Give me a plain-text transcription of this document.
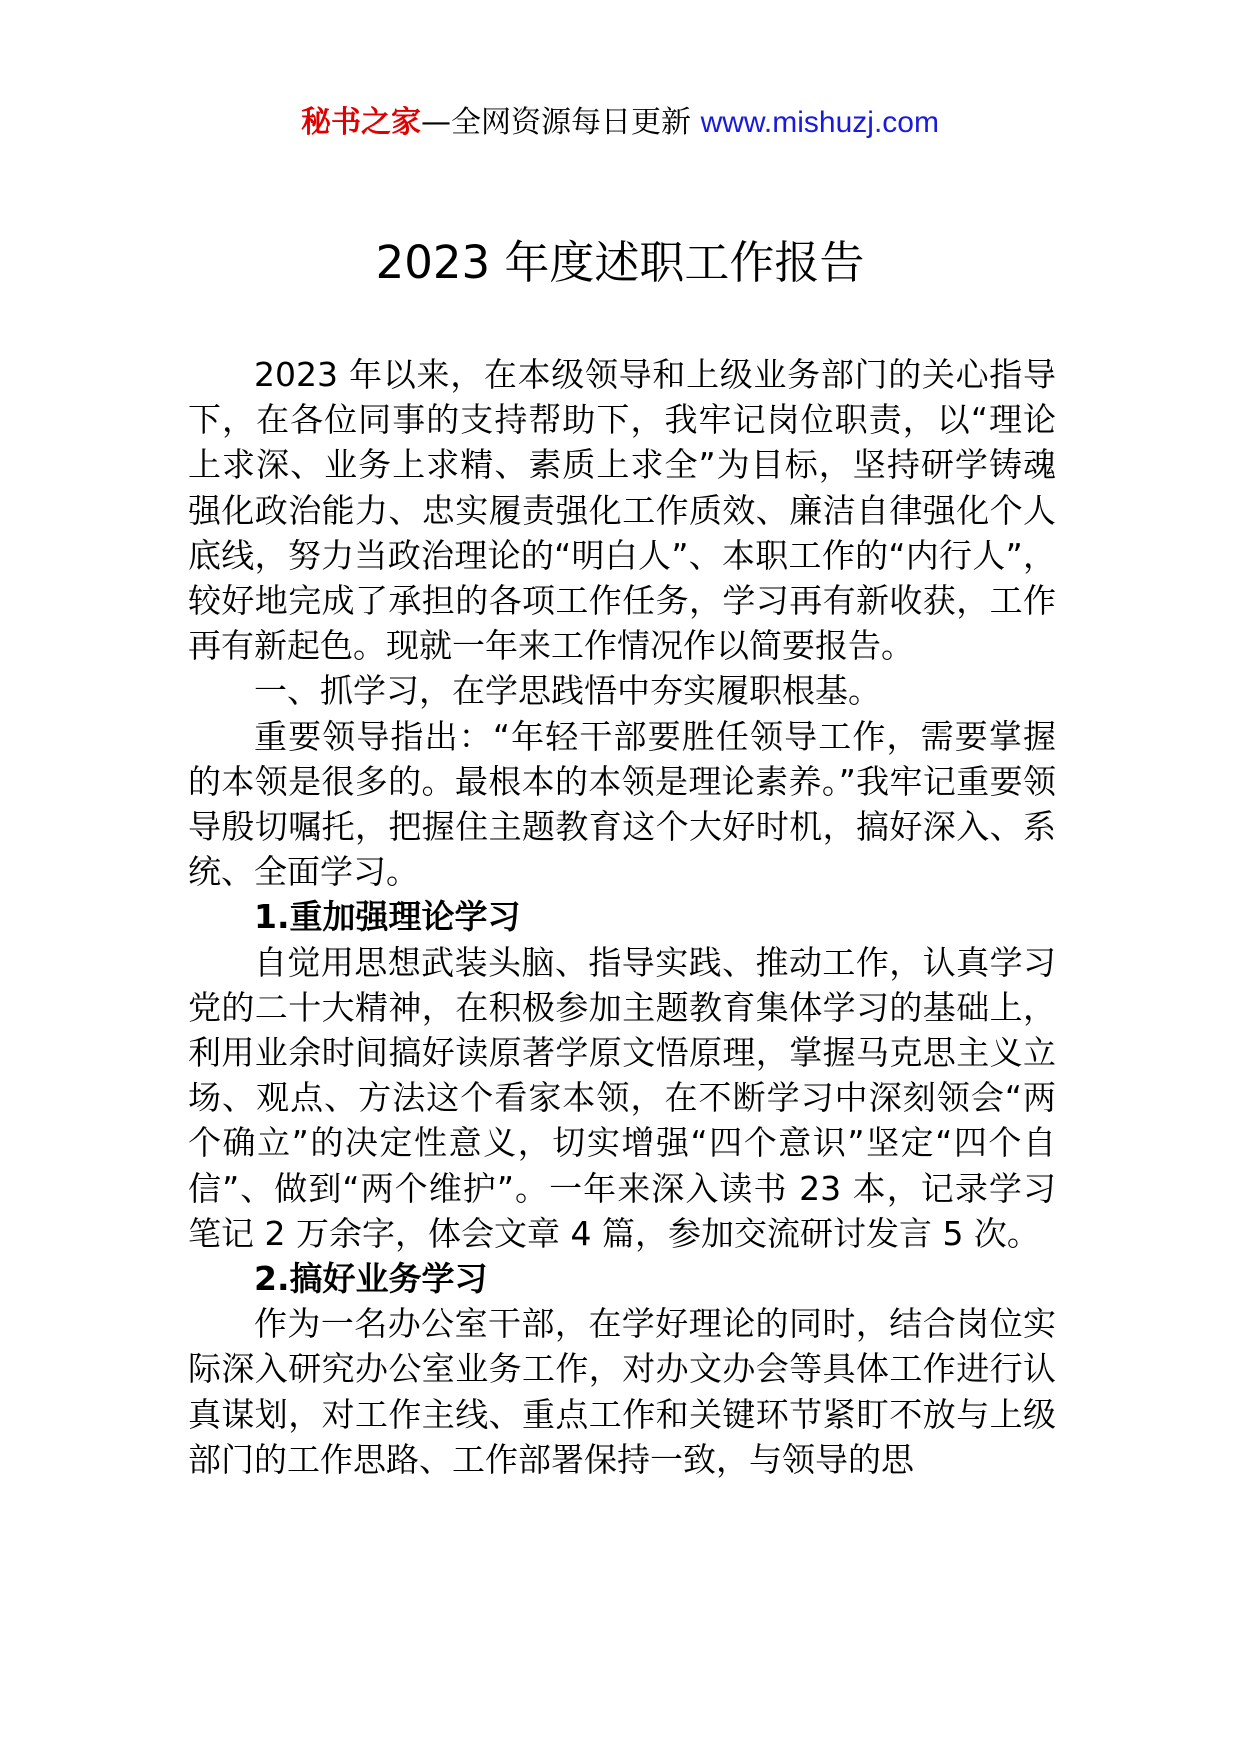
秘书之家—全网资源每日更新 www.mishuzj.com
2023 年度述职工作报告

2023 年以来，在本级领导和上级业务部门的关心指导下，在各位同事的支持帮助下，我牢记岗位职责，以“理论上求深、业务上求精、素质上求全”为目标，坚持研学铸魂强化政治能力、忠实履责强化工作质效、廉洁自律强化个人底线，努力当政治理论的“明白人”、本职工作的“内行人”，较好地完成了承担的各项工作任务，学习再有新收获，工作再有新起色。现就一年来工作情况作以简要报告。

一、抓学习，在学思践悟中夯实履职根基。

重要领导指出：“年轻干部要胜任领导工作，需要掌握的本领是很多的。最根本的本领是理论素养。”我牢记重要领导殷切嘱托，把握住主题教育这个大好时机，搞好深入、系统、全面学习。

1.重加强理论学习

自觉用思想武装头脑、指导实践、推动工作，认真学习党的二十大精神，在积极参加主题教育集体学习的基础上，利用业余时间搞好读原著学原文悟原理，掌握马克思主义立场、观点、方法这个看家本领，在不断学习中深刻领会“两个确立”的决定性意义，切实增强“四个意识”坚定“四个自信”、做到“两个维护”。一年来深入读书 23 本，记录学习笔记 2 万余字，体会文章 4 篇，参加交流研讨发言 5 次。

2.搞好业务学习

作为一名办公室干部，在学好理论的同时，结合岗位实际深入研究办公室业务工作，对办文办会等具体工作进行认真谋划，对工作主线、重点工作和关键环节紧盯不放与上级部门的工作思路、工作部署保持一致，与领导的思
